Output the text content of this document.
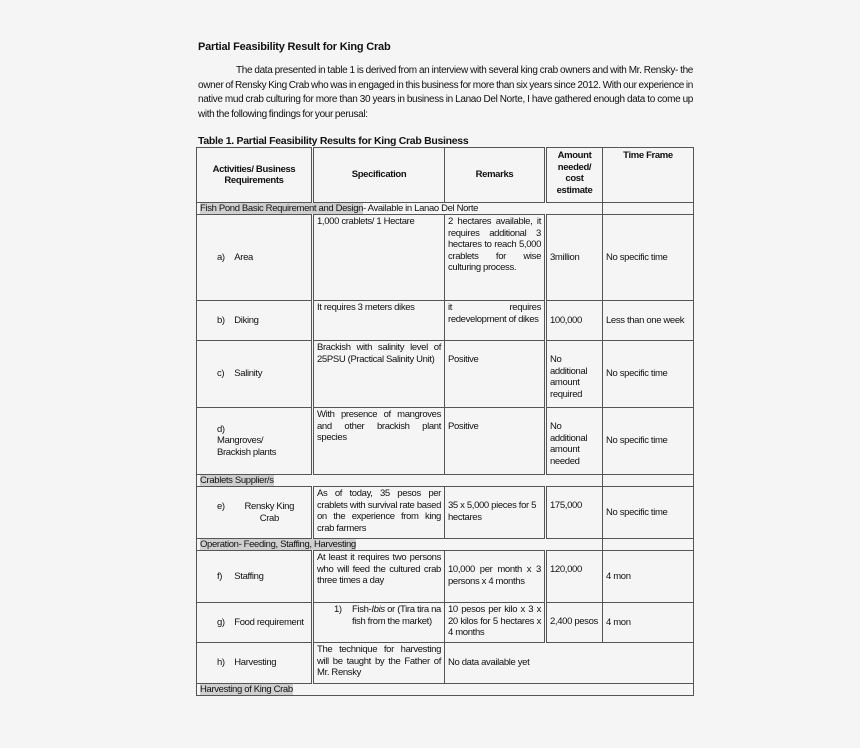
Partial Feasibility Result for King Crab

The data presented in table 1 is derived from an interview with several king crab owners and with Mr. Rensky- the owner of Rensky King Crab who was in engaged in this business for more than six years since 2012. With our experience in native mud crab culturing for more than 30 years in business in Lanao Del Norte, I have gathered enough data to come up with the following findings for your perusal:

Table 1. Partial Feasibility Results for King Crab Business

Activities/ Business Requirements	Specification	Remarks	Amount needed/ cost estimate	Time Frame
Fish Pond Basic Requirement and Design- Available in Lanao Del Norte				
a) Area	1,000 crablets/ 1 Hectare	2 hectares available, it requires additional 3 hectares to reach 5,000 crablets for wise culturing process.	3million	No specific time
b) Diking	It requires 3 meters dikes	it requires redevelopment of dikes	100,000	Less than one week
c) Salinity	Brackish with salinity level of 25PSU (Practical Salinity Unit)	Positive	No additional amount required	No specific time
d) Mangroves/ Brackish plants	With presence of mangroves and other brackish plant species	Positive	No additional amount needed	No specific time
Crablets Supplier/s				
e) Rensky King Crab	As of today, 35 pesos per crablets with survival rate based on the experience from king crab farmers	35 x 5,000 pieces for 5 hectares	175,000	No specific time
Operation- Feeding, Staffing, Harvesting				
f) Staffing	At least it requires two persons who will feed the cultured crab three times a day	10,000 per month x 3 persons x 4 months	120,000	4 mon
g) Food requirement	1) Fish-Ibis or (Tira tira na fish from the market)	10 pesos per kilo x 3 x 20 kilos for 5 hectares x 4 months	2,400 pesos	4 mon
h) Harvesting	The technique for harvesting will be taught by the Father of Mr. Rensky	No data available yet		
Harvesting of King Crab				
